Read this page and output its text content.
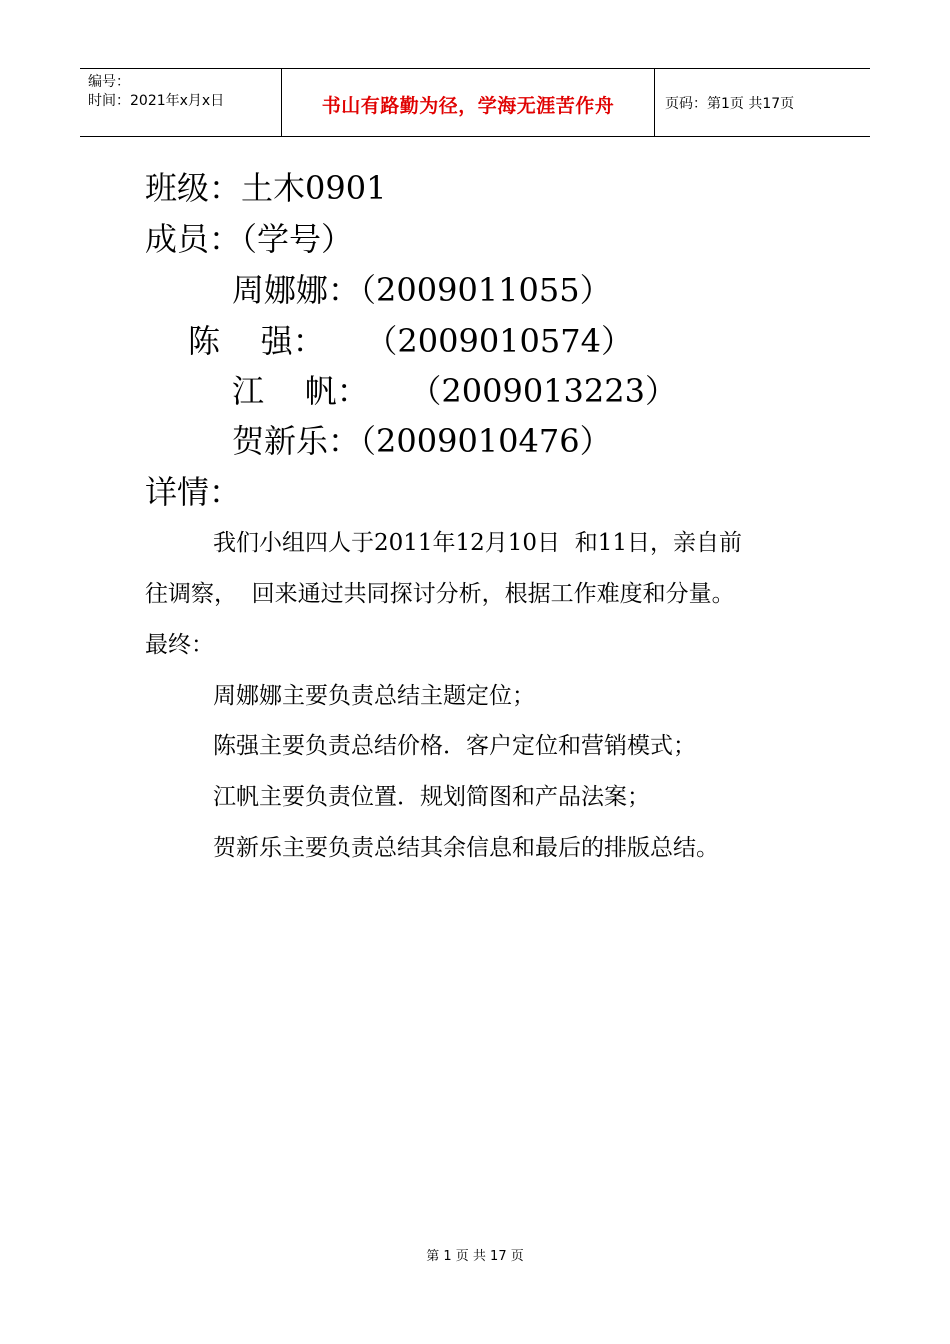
编号：
时间：2021年x月x日	书山有路勤为径，学海无涯苦作舟	页码：第1页 共17页
班级：土木0901
成员：（学号）
周娜娜：（2009011055）
陈    强：    （2009010574）
江    帆：    （2009013223）
贺新乐：（2009010476）
详情：
我们小组四人于2011年12月10日  和11日，亲自前
往调察，  回来通过共同探讨分析，根据工作难度和分量。
最终：
周娜娜主要负责总结主题定位；
陈强主要负责总结价格．客户定位和营销模式；
江帆主要负责位置．规划简图和产品法案；
贺新乐主要负责总结其余信息和最后的排版总结。
第 1 页 共 17 页
